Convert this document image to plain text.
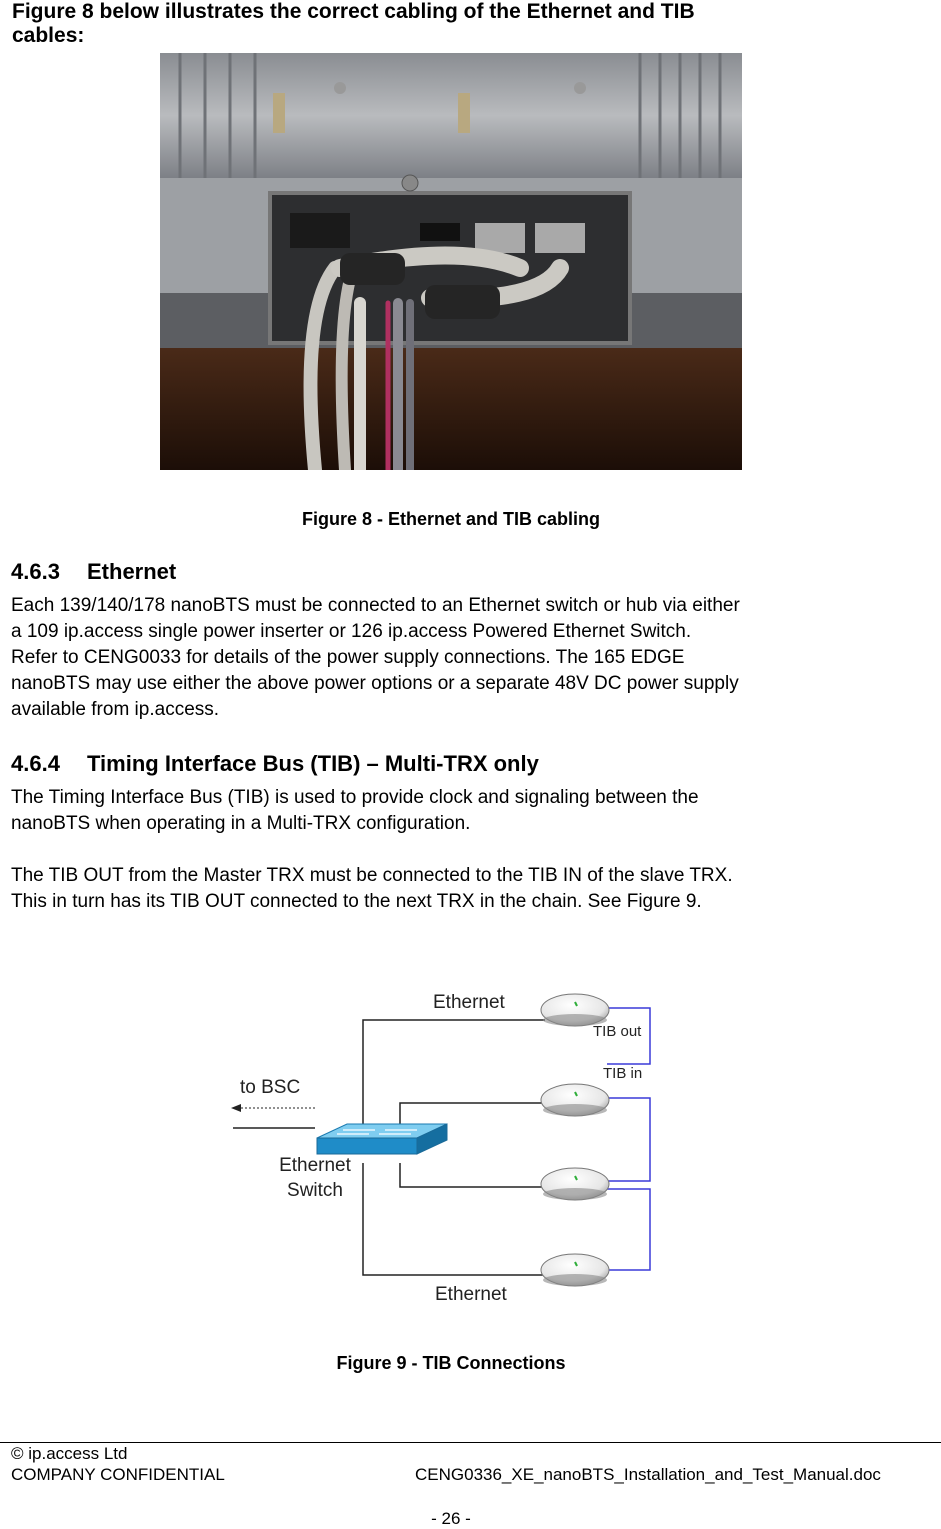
Figure 8 below illustrates the correct cabling of the Ethernet and TIB
cables:
Figure 8 - Ethernet and TIB cabling
4.6.3 Ethernet
Each 139/140/178 nanoBTS must be connected to an Ethernet switch or hub via either
a 109 ip.access single power inserter or 126 ip.access Powered Ethernet Switch.
Refer to CENG0033 for details of the power supply connections. The 165 EDGE
nanoBTS may use either the above power options or a separate 48V DC power supply
available from ip.access.
4.6.4 Timing Interface Bus (TIB) – Multi-TRX only
The Timing Interface Bus (TIB) is used to provide clock and signaling between the
nanoBTS when operating in a Multi-TRX configuration.
The TIB OUT from the Master TRX must be connected to the TIB IN of the slave TRX.
This in turn has its TIB OUT connected to the next TRX in the chain. See Figure 9.
Ethernet
TIB out
TIB in
to BSC
Ethernet
Switch
Ethernet
Figure 9 - TIB Connections
© ip.access Ltd
COMPANY CONFIDENTIAL	CENG0336_XE_nanoBTS_Installation_and_Test_Manual.doc
- 26 -
